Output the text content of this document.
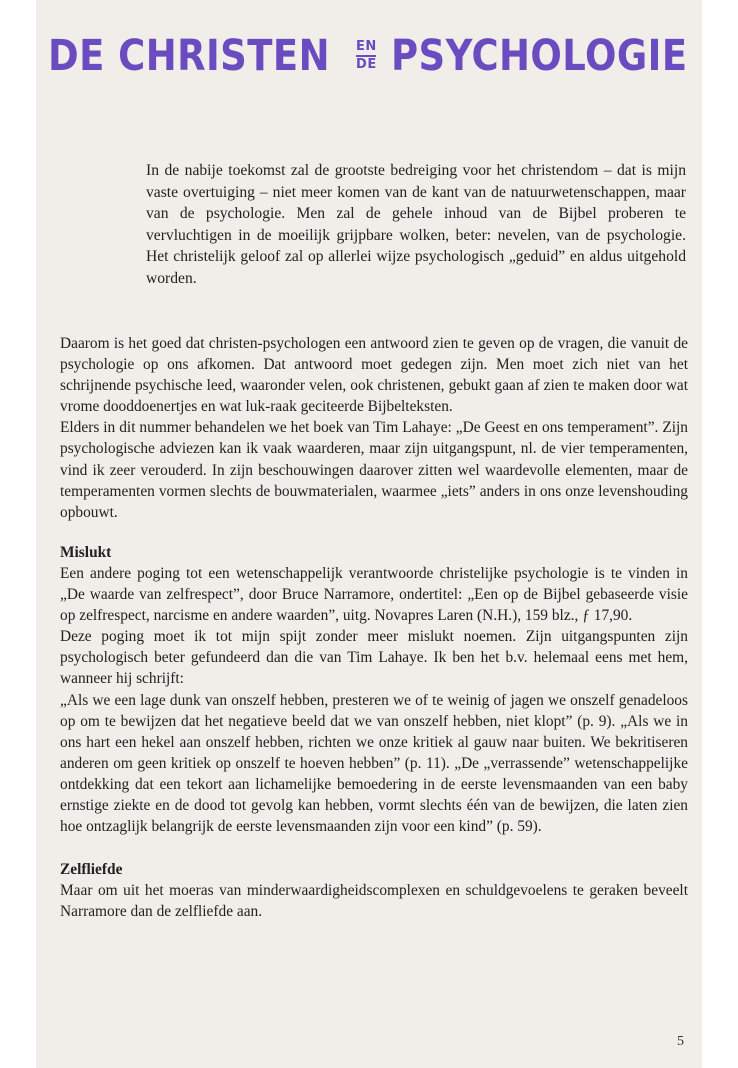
DE CHRISTEN EN
DE PSYCHOLOGIE

In de nabije toekomst zal de grootste bedreiging voor het christendom – dat is mijn vaste overtuiging – niet meer komen van de kant van de natuurwetenschappen, maar van de psychologie. Men zal de gehele inhoud van de Bijbel proberen te vervluchtigen in de moeilijk grijpbare wolken, beter: nevelen, van de psychologie. Het christelijk geloof zal op allerlei wijze psychologisch „geduid” en aldus uitgehold worden.

Daarom is het goed dat christen-psychologen een antwoord zien te geven op de vragen, die vanuit de psychologie op ons afkomen. Dat antwoord moet gedegen zijn. Men moet zich niet van het schrijnende psychische leed, waaronder velen, ook christenen, gebukt gaan af zien te maken door wat vrome dooddoenertjes en wat luk-raak geciteerde Bijbelteksten.

Elders in dit nummer behandelen we het boek van Tim Lahaye: „De Geest en ons temperament”. Zijn psychologische adviezen kan ik vaak waarderen, maar zijn uitgangspunt, nl. de vier temperamenten, vind ik zeer verouderd. In zijn beschouwingen daarover zitten wel waardevolle elementen, maar de temperamenten vormen slechts de bouwmaterialen, waarmee „iets” anders in ons onze levenshouding opbouwt.

Mislukt

Een andere poging tot een wetenschappelijk verantwoorde christelijke psychologie is te vinden in „De waarde van zelfrespect”, door Bruce Narramore, ondertitel: „Een op de Bijbel gebaseerde visie op zelfrespect, narcisme en andere waarden”, uitg. Novapres Laren (N.H.), 159 blz., ƒ 17,90.

Deze poging moet ik tot mijn spijt zonder meer mislukt noemen. Zijn uitgangspunten zijn psychologisch beter gefundeerd dan die van Tim Lahaye. Ik ben het b.v. helemaal eens met hem, wanneer hij schrijft:

„Als we een lage dunk van onszelf hebben, presteren we of te weinig of jagen we onszelf genadeloos op om te bewijzen dat het negatieve beeld dat we van onszelf hebben, niet klopt” (p. 9). „Als we in ons hart een hekel aan onszelf hebben, richten we onze kritiek al gauw naar buiten. We bekritiseren anderen om geen kritiek op onszelf te hoeven hebben” (p. 11). „De „verrassende” wetenschappelijke ontdekking dat een tekort aan lichamelijke bemoedering in de eerste levensmaanden van een baby ernstige ziekte en de dood tot gevolg kan hebben, vormt slechts één van de bewijzen, die laten zien hoe ontzaglijk belangrijk de eerste levensmaanden zijn voor een kind” (p. 59).

Zelfliefde

Maar om uit het moeras van minderwaardigheidscomplexen en schuldgevoelens te geraken beveelt Narramore dan de zelfliefde aan.

5
